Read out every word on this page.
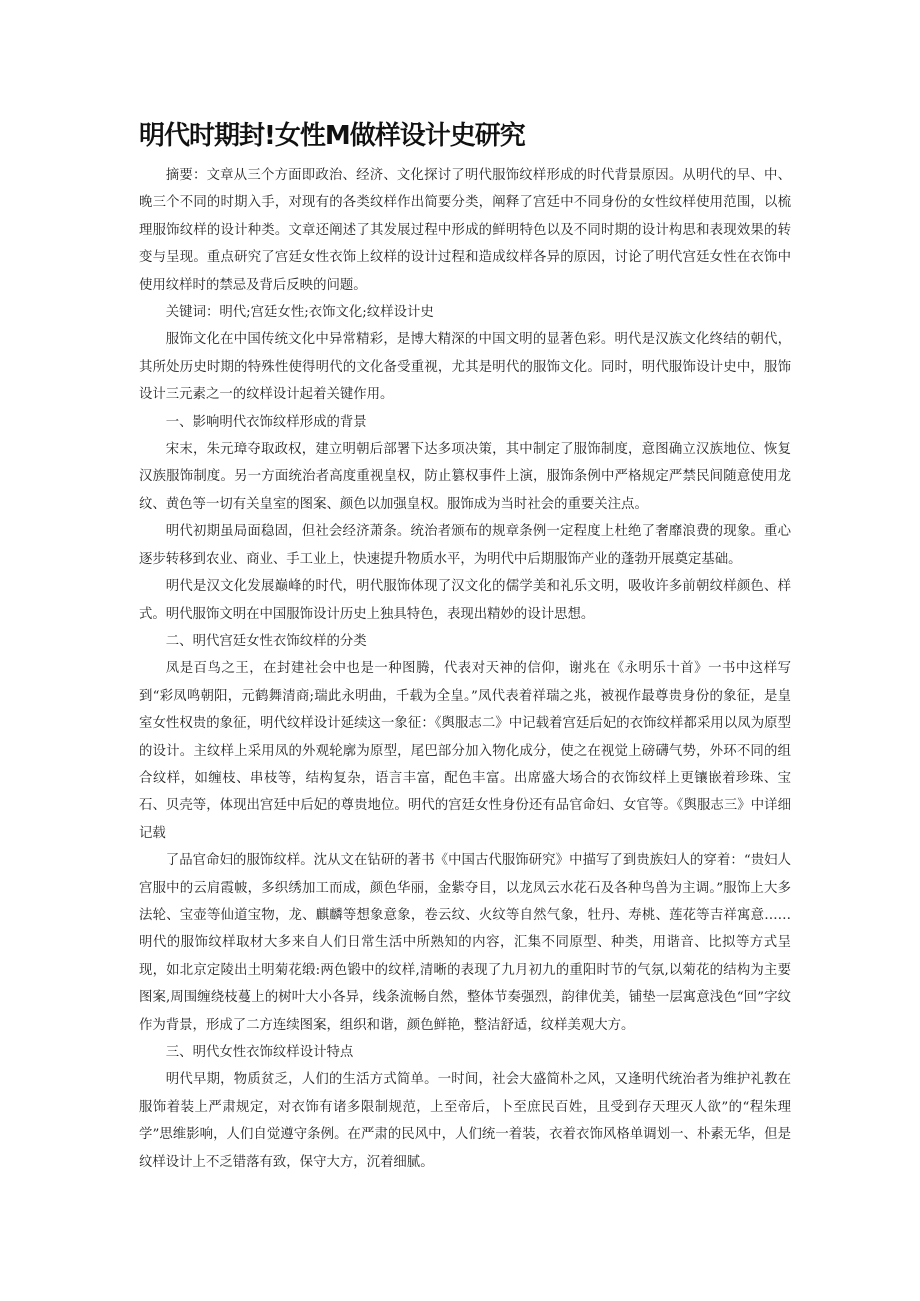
明代时期封!女性M做样设计史研究

摘要：文章从三个方面即政治、经济、文化探讨了明代服饰纹样形成的时代背景原因。从明代的早、中、晚三个不同的时期入手，对现有的各类纹样作出简要分类，阐释了宫廷中不同身份的女性纹样使用范围，以梳理服饰纹样的设计种类。文章还阐述了其发展过程中形成的鲜明特色以及不同时期的设计构思和表现效果的转变与呈现。重点研究了宫廷女性衣饰上纹样的设计过程和造成纹样各异的原因，讨论了明代宫廷女性在衣饰中使用纹样时的禁忌及背后反映的问题。

关键词：明代;宫廷女性;衣饰文化;纹样设计史

服饰文化在中国传统文化中异常精彩，是博大精深的中国文明的显著色彩。明代是汉族文化终结的朝代，其所处历史时期的特殊性使得明代的文化备受重视，尤其是明代的服饰文化。同时，明代服饰设计史中，服饰设计三元素之一的纹样设计起着关键作用。

一、影响明代衣饰纹样形成的背景

宋末，朱元璋夺取政权，建立明朝后部署下达多项决策，其中制定了服饰制度，意图确立汉族地位、恢复汉族服饰制度。另一方面统治者高度重视皇权，防止篡权事件上演，服饰条例中严格规定严禁民间随意使用龙纹、黄色等一切有关皇室的图案、颜色以加强皇权。服饰成为当时社会的重要关注点。

明代初期虽局面稳固，但社会经济萧条。统治者颁布的规章条例一定程度上杜绝了奢靡浪费的现象。重心逐步转移到农业、商业、手工业上，快速提升物质水平，为明代中后期服饰产业的蓬勃开展奠定基础。

明代是汉文化发展巅峰的时代，明代服饰体现了汉文化的儒学美和礼乐文明，吸收许多前朝纹样颜色、样式。明代服饰文明在中国服饰设计历史上独具特色，表现出精妙的设计思想。

二、明代宫廷女性衣饰纹样的分类

凤是百鸟之王，在封建社会中也是一种图腾，代表对天神的信仰，谢兆在《永明乐十首》一书中这样写到“彩凤鸣朝阳，元鹤舞清商;瑞此永明曲，千载为全皇。”凤代表着祥瑞之兆，被视作最尊贵身份的象征，是皇室女性权贵的象征，明代纹样设计延续这一象征：《舆服志二》中记载着宫廷后妃的衣饰纹样都采用以凤为原型的设计。主纹样上采用凤的外观轮廓为原型，尾巴部分加入物化成分，使之在视觉上磅礴气势，外环不同的组合纹样，如缠枝、串枝等，结构复杂，语言丰富，配色丰富。出席盛大场合的衣饰纹样上更镶嵌着珍珠、宝石、贝壳等，体现出宫廷中后妃的尊贵地位。明代的宫廷女性身份还有品官命妇、女官等。《舆服志三》中详细记载

了品官命妇的服饰纹样。沈从文在钻研的著书《中国古代服饰研究》中描写了到贵族妇人的穿着：“贵妇人宫服中的云肩霞帔，多织绣加工而成，颜色华丽，金紫夺目，以龙凤云水花石及各种鸟兽为主调。”服饰上大多法轮、宝壶等仙道宝物，龙、麒麟等想象意象，卷云纹、火纹等自然气象，牡丹、寿桃、莲花等吉祥寓意……明代的服饰纹样取材大多来自人们日常生活中所熟知的内容，汇集不同原型、种类，用谐音、比拟等方式呈现，如北京定陵出土明菊花缎:两色锻中的纹样,清晰的表现了九月初九的重阳时节的气氛,以菊花的结构为主要图案,周围缠绕枝蔓上的树叶大小各异，线条流畅自然，整体节奏强烈，韵律优美，铺垫一层寓意浅色“回”字纹作为背景，形成了二方连续图案，组织和谐，颜色鲜艳，整洁舒适，纹样美观大方。

三、明代女性衣饰纹样设计特点

明代早期，物质贫乏，人们的生活方式简单。一时间，社会大盛简朴之风，又逢明代统治者为维护礼教在服饰着装上严肃规定，对衣饰有诸多限制规范，上至帝后，卜至庶民百姓，且受到存天理灭人欲”的“程朱理学”思维影响，人们自觉遵守条例。在严肃的民风中，人们统一着装，衣着衣饰风格单调划一、朴素无华，但是纹样设计上不乏错落有致，保守大方，沉着细腻。
